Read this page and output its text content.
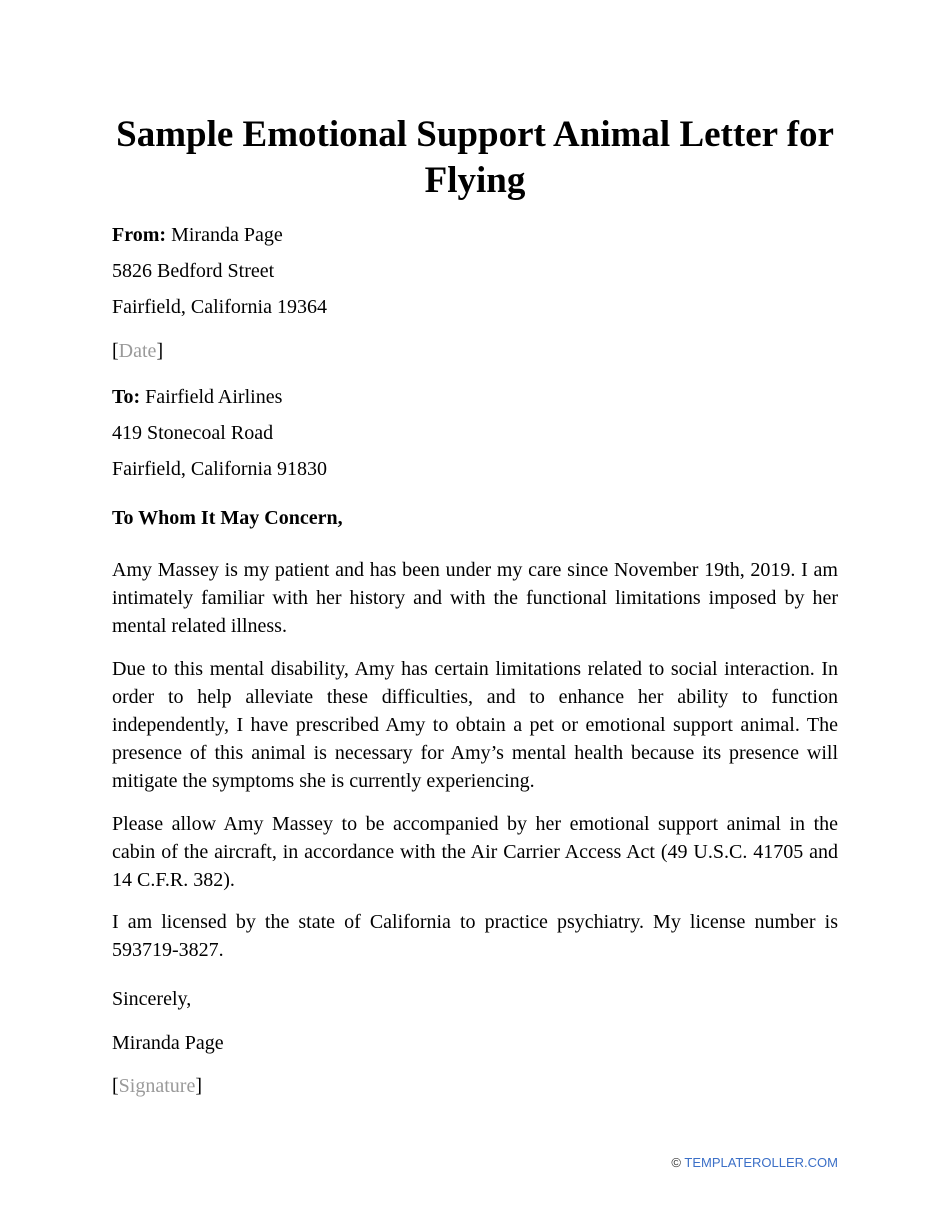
Sample Emotional Support Animal Letter for Flying
From: Miranda Page
5826 Bedford Street
Fairfield, California 19364
[Date]
To: Fairfield Airlines
419 Stonecoal Road
Fairfield, California 91830
To Whom It May Concern,

Amy Massey is my patient and has been under my care since November 19th, 2019. I am intimately familiar with her history and with the functional limitations imposed by her mental related illness.

Due to this mental disability, Amy has certain limitations related to social interaction. In order to help alleviate these difficulties, and to enhance her ability to function independently, I have prescribed Amy to obtain a pet or emotional support animal. The presence of this animal is necessary for Amy’s mental health because its presence will mitigate the symptoms she is currently experiencing.

Please allow Amy Massey to be accompanied by her emotional support animal in the cabin of the aircraft, in accordance with the Air Carrier Access Act (49 U.S.C. 41705 and 14 C.F.R. 382).

I am licensed by the state of California to practice psychiatry. My license number is 593719-3827.

Sincerely,
Miranda Page
[Signature]
© TEMPLATEROLLER.COM
